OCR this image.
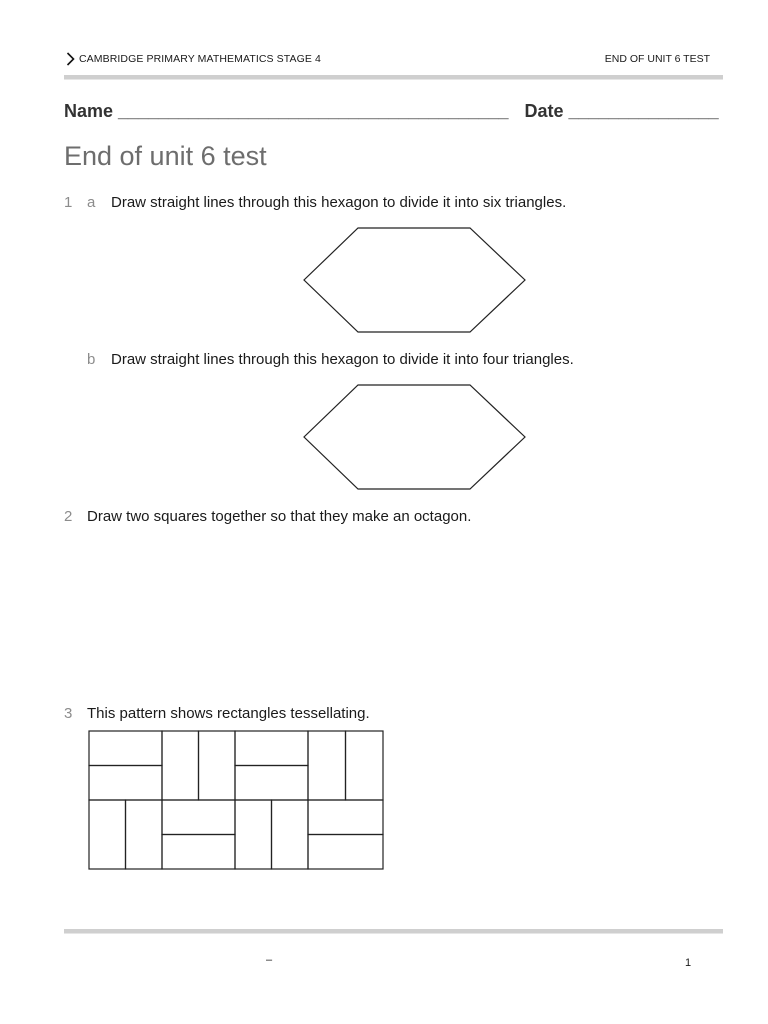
CAMBRIDGE PRIMARY MATHEMATICS STAGE 4	END OF UNIT 6 TEST
Name _______________________________________ Date _______________
End of unit 6 test
1 a Draw straight lines through this hexagon to divide it into six triangles.
b Draw straight lines through this hexagon to divide it into four triangles.
2 Draw two squares together so that they make an octagon.
3 This pattern shows rectangles tessellating.
–	1
